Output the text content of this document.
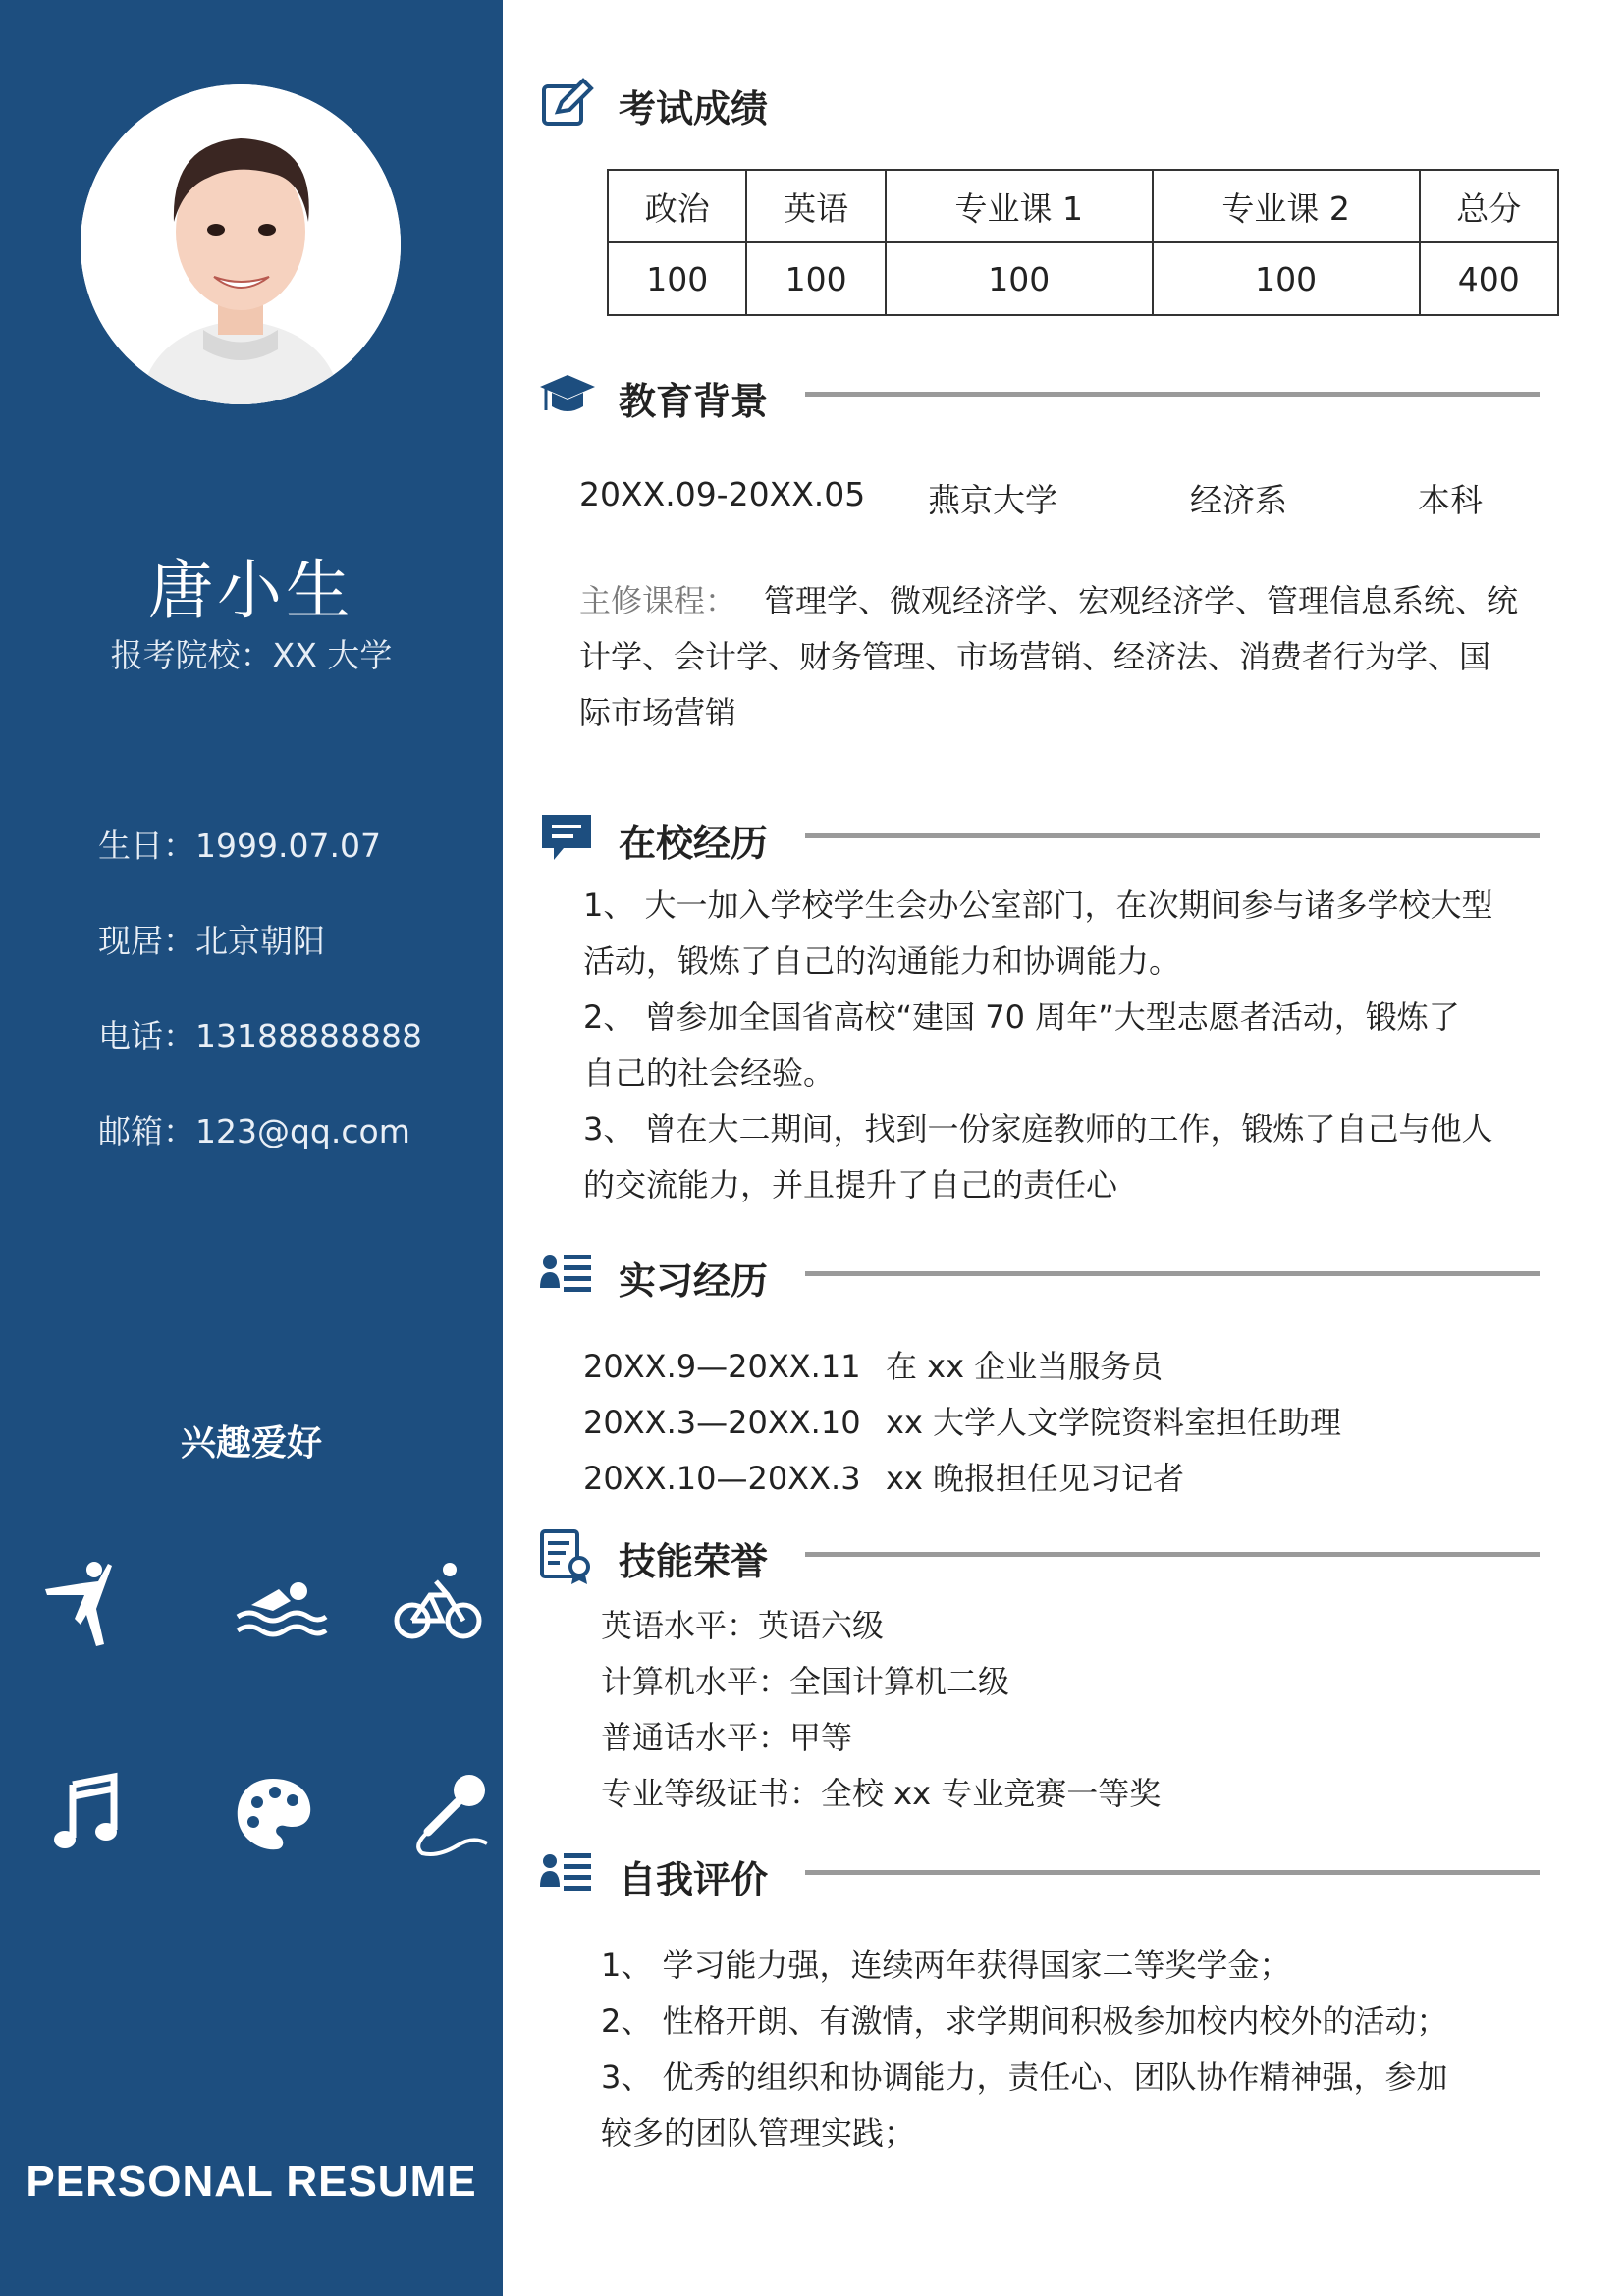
唐小生
报考院校：XX 大学
生日：1999.07.07
现居：北京朝阳
电话：13188888888
邮箱：123@qq.com
兴趣爱好
PERSONAL RESUME
考试成绩
政治	英语	专业课 1	专业课 2	总分
100	100	100	100	400
教育背景
20XX.09-20XX.05 燕京大学	经济系	本科
主修课程： 管理学、微观经济学、宏观经济学、管理信息系统、统
计学、会计学、财务管理、市场营销、经济法、消费者行为学、国
际市场营销
在校经历
1、 大一加入学校学生会办公室部门，在次期间参与诸多学校大型
活动，锻炼了自己的沟通能力和协调能力。
2、 曾参加全国省高校“建国 70 周年”大型志愿者活动，锻炼了
自己的社会经验。
3、 曾在大二期间，找到一份家庭教师的工作，锻炼了自己与他人
的交流能力，并且提升了自己的责任心
实习经历
20XX.9—20XX.11 在 xx 企业当服务员
20XX.3—20XX.10 xx 大学人文学院资料室担任助理
20XX.10—20XX.3 xx 晚报担任见习记者
技能荣誉
英语水平：英语六级
计算机水平：全国计算机二级
普通话水平：甲等
专业等级证书：全校 xx 专业竞赛一等奖
自我评价
1、 学习能力强，连续两年获得国家二等奖学金；
2、 性格开朗、有激情，求学期间积极参加校内校外的活动；
3、 优秀的组织和协调能力，责任心、团队协作精神强，参加
较多的团队管理实践；
